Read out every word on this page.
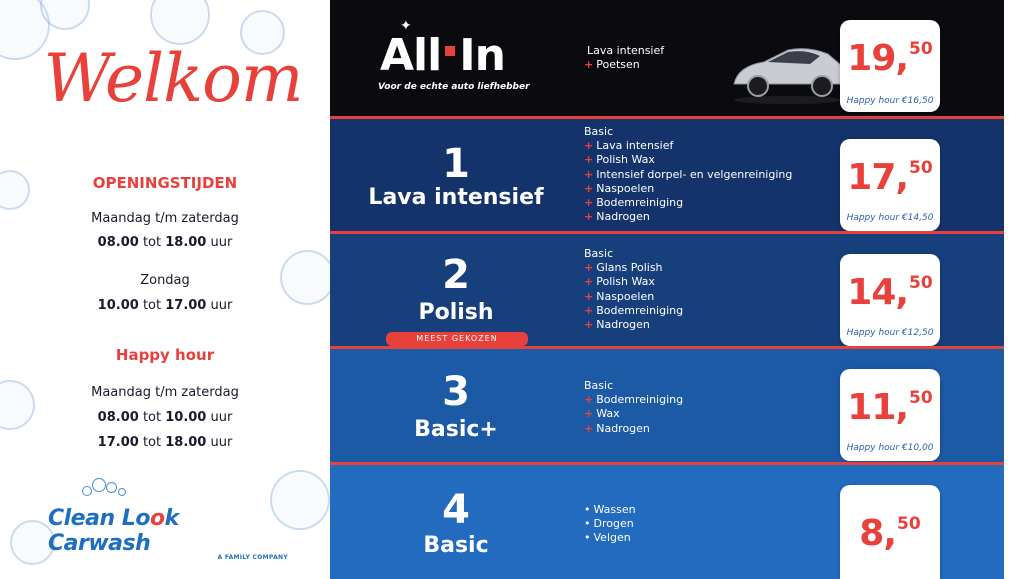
Welkom
OPENINGSTIJDEN
Maandag t/m zaterdag
08.00 tot 18.00 uur
Zondag
10.00 tot 17.00 uur
Happy hour
Maandag t/m zaterdag
08.00 tot 10.00 uur
17.00 tot 18.00 uur
Clean Look Carwash
A FAMILY COMPANY
✦
All In
Voor de echte auto liefhebber
Lava intensief
+ Poetsen	19,50
Happy hour €16,50
1
Lava intensief
Basic
+ Lava intensief
+ Polish Wax
+ Intensief dorpel- en velgenreiniging
+ Naspoelen
+ Bodemreiniging
+ Nadrogen
17,50
Happy hour €14,50
2
Polish
MEEST GEKOZEN
Basic
+ Glans Polish
+ Polish Wax
+ Naspoelen
+ Bodemreiniging
+ Nadrogen
14,50
Happy hour €12,50
3
Basic+
Basic
+ Bodemreiniging
+ Wax
+ Nadrogen
11,50
Happy hour €10,00
4
Basic
• Wassen
• Drogen
• Velgen	8,50
